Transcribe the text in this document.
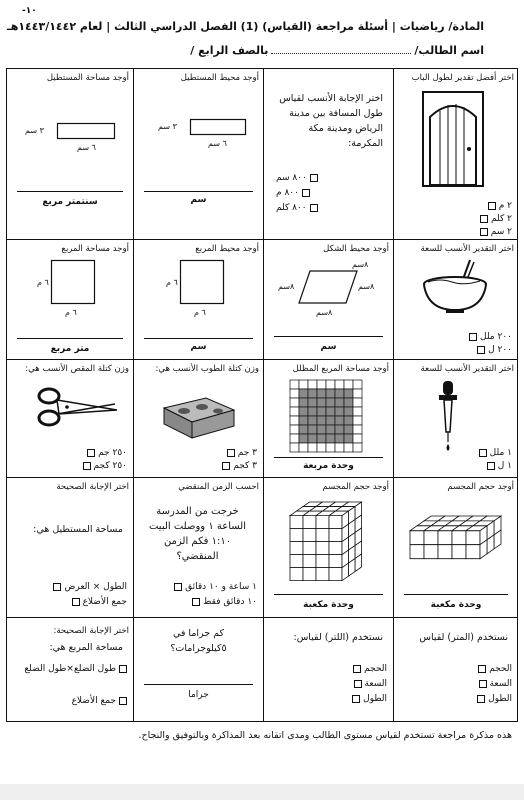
-١٠
المادة/ رياضيات | أسئلة مراجعة (القياس) (1) الفصل الدراسي الثالث | لعام ١٤٤٣/١٤٤٢هـ
اسم الطالب/بالصف الرابع /
اختر أفضل تقدير لطول الباب
٢ م
٢ كلم
٢ سم
اختر الإجابة الأنسب لقياس طول المسافة بين مدينة الرياض ومدينة مكة المكرمة:
٨٠٠ سم
٨٠٠ م
٨٠٠ كلم
أوجد محيط المستطيل
٣ سم
٦ سم
سم
أوجد مساحة المستطيل
٣ سم
٦ سم
سنتمتر مربع
اختر التقدير الأنسب للسعة
٢٠٠ ملل
٢٠٠ ل
أوجد محيط الشكل
٨سم
٨سم
٨سم
٨سم
سم
أوجد محيط المربع
٦ م
٦ م
سم
أوجد مساحة المربع
٦ م
٦ م
متر مربع
اختر التقدير الأنسب للسعة
١ ملل
١ ل
أوجد مساحة المربع المظلل
وحدة مربعة
وزن كتلة الطوب الأنسب هي:
٣ جم
٣ كجم
وزن كتلة المقص الأنسب هي:
٢٥٠ جم
٢٥٠ كجم
أوجد حجم المجسم
وحدة مكعبة
أوجد حجم المجسم
وحدة مكعبة
احسب الزمن المنقضي
خرجت من المدرسة الساعة ١ ووصلت البيت ١:١٠ فكم الزمن المنقضي؟
١ ساعة و ١٠ دقائق
١٠ دقائق فقط
اختر الإجابة الصحيحة
مساحة المستطيل هي:
الطول × العرض
جمع الأضلاع
نستخدم (المتر) لقياس
الحجم
السعة
الطول
نستخدم (اللتر) لقياس:
الحجم
السعة
الطول
كم جراما في ٥كيلوجرامات؟
جراما
اختر الإجابة الصحيحة:
مساحة المربع هي:
طول الضلع×طول الضلع
جمع الأضلاع
هذه مذكرة مراجعة تستخدم لقياس مستوى الطالب ومدى اتقانه بعد المذاكرة وبالتوفيق والنجاح.
